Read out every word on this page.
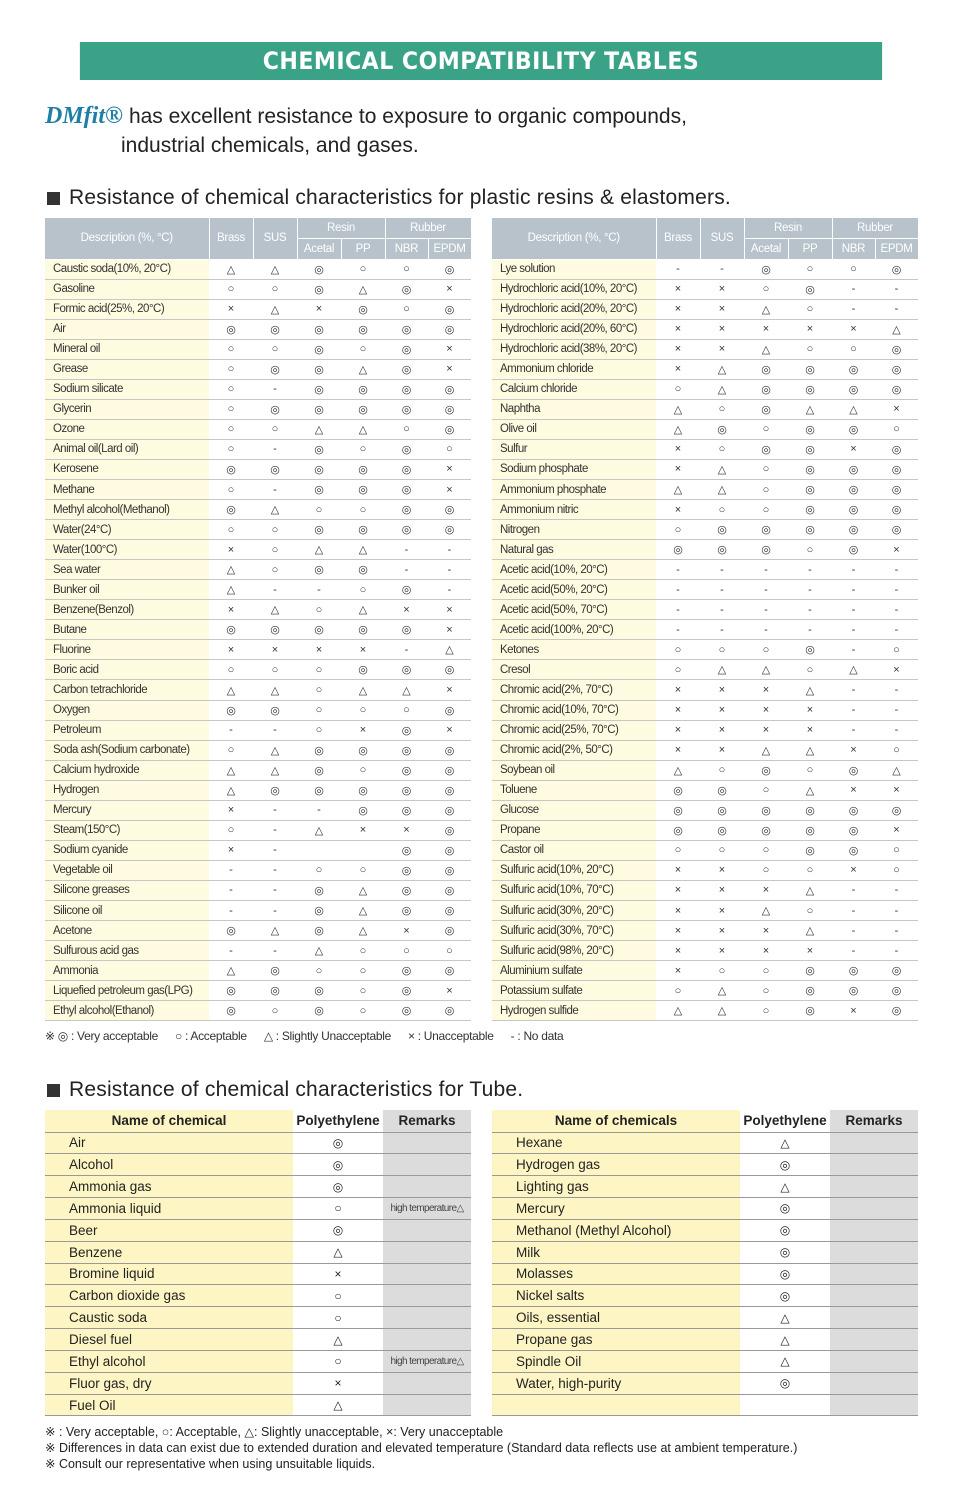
CHEMICAL COMPATIBILITY TABLES
DMfit® has excellent resistance to exposure to organic compounds,
industrial chemicals, and gases.
Resistance of chemical characteristics for plastic resins & elastomers.
Description (%, °C)	Brass	SUS	Resin		Rubber	
			Acetal	PP	NBR	EPDM
Caustic soda(10%, 20°C)	△	△	◎	○	○	◎
Gasoline	○	○	◎	△	◎	×
Formic acid(25%, 20°C)	×	△	×	◎	○	◎
Air	◎	◎	◎	◎	◎	◎
Mineral oil	○	○	◎	○	◎	×
Grease	○	◎	◎	△	◎	×
Sodium silicate	○	-	◎	◎	◎	◎
Glycerin	○	◎	◎	◎	◎	◎
Ozone	○	○	△	△	○	◎
Animal oil(Lard oil)	○	-	◎	○	◎	○
Kerosene	◎	◎	◎	◎	◎	×
Methane	○	-	◎	◎	◎	×
Methyl alcohol(Methanol)	◎	△	○	○	◎	◎
Water(24°C)	○	○	◎	◎	◎	◎
Water(100°C)	×	○	△	△	-	-
Sea water	△	○	◎	◎	-	-
Bunker oil	△	-	-	○	◎	-
Benzene(Benzol)	×	△	○	△	×	×
Butane	◎	◎	◎	◎	◎	×
Fluorine	×	×	×	×	-	△
Boric acid	○	○	○	◎	◎	◎
Carbon tetrachloride	△	△	○	△	△	×
Oxygen	◎	◎	○	○	○	◎
Petroleum	-	-	○	×	◎	×
Soda ash(Sodium carbonate)	○	△	◎	◎	◎	◎
Calcium hydroxide	△	△	◎	○	◎	◎
Hydrogen	△	◎	◎	◎	◎	◎
Mercury	×	-	-	◎	◎	◎
Steam(150°C)	○	-	△	×	×	◎
Sodium cyanide	×	-			◎	◎
Vegetable oil	-	-	○	○	◎	◎
Silicone greases	-	-	◎	△	◎	◎
Silicone oil	-	-	◎	△	◎	◎
Acetone	◎	△	◎	△	×	◎
Sulfurous acid gas	-	-	△	○	○	○
Ammonia	△	◎	○	○	◎	◎
Liquefied petroleum gas(LPG)	◎	◎	◎	○	◎	×
Ethyl alcohol(Ethanol)	◎	○	◎	○	◎	◎
Description (%, °C)	Brass	SUS	Resin		Rubber	
			Acetal	PP	NBR	EPDM
Lye solution	-	-	◎	○	○	◎
Hydrochloric acid(10%, 20°C)	×	×	○	◎	-	-
Hydrochloric acid(20%, 20°C)	×	×	△	○	-	-
Hydrochloric acid(20%, 60°C)	×	×	×	×	×	△
Hydrochloric acid(38%, 20°C)	×	×	△	○	○	◎
Ammonium chloride	×	△	◎	◎	◎	◎
Calcium chloride	○	△	◎	◎	◎	◎
Naphtha	△	○	◎	△	△	×
Olive oil	△	◎	○	◎	◎	○
Sulfur	×	○	◎	◎	×	◎
Sodium phosphate	×	△	○	◎	◎	◎
Ammonium phosphate	△	△	○	◎	◎	◎
Ammonium nitric	×	○	○	◎	◎	◎
Nitrogen	○	◎	◎	◎	◎	◎
Natural gas	◎	◎	◎	○	◎	×
Acetic acid(10%, 20°C)	-	-	-	-	-	-
Acetic acid(50%, 20°C)	-	-	-	-	-	-
Acetic acid(50%, 70°C)	-	-	-	-	-	-
Acetic acid(100%, 20°C)	-	-	-	-	-	-
Ketones	○	○	○	◎	-	○
Cresol	○	△	△	○	△	×
Chromic acid(2%, 70°C)	×	×	×	△	-	-
Chromic acid(10%, 70°C)	×	×	×	×	-	-
Chromic acid(25%, 70°C)	×	×	×	×	-	-
Chromic acid(2%, 50°C)	×	×	△	△	×	○
Soybean oil	△	○	◎	○	◎	△
Toluene	◎	◎	○	△	×	×
Glucose	◎	◎	◎	◎	◎	◎
Propane	◎	◎	◎	◎	◎	×
Castor oil	○	○	○	◎	◎	○
Sulfuric acid(10%, 20°C)	×	×	○	○	×	○
Sulfuric acid(10%, 70°C)	×	×	×	△	-	-
Sulfuric acid(30%, 20°C)	×	×	△	○	-	-
Sulfuric acid(30%, 70°C)	×	×	×	△	-	-
Sulfuric acid(98%, 20°C)	×	×	×	×	-	-
Aluminium sulfate	×	○	○	◎	◎	◎
Potassium sulfate	○	△	○	◎	◎	◎
Hydrogen sulfide	△	△	○	◎	×	◎
※ ◎ : Very acceptable ○ : Acceptable △ : Slightly Unacceptable × : Unacceptable - : No data
Resistance of chemical characteristics for Tube.
Name of chemical	Polyethylene	Remarks
Air	◎	
Alcohol	◎	
Ammonia gas	◎	
Ammonia liquid	○	high temperature△
Beer	◎	
Benzene	△	
Bromine liquid	×	
Carbon dioxide gas	○	
Caustic soda	○	
Diesel fuel	△	
Ethyl alcohol	○	high temperature△
Fluor gas, dry	×	
Fuel Oil	△	
Name of chemicals	Polyethylene	Remarks
Hexane	△	
Hydrogen gas	◎	
Lighting gas	△	
Mercury	◎	
Methanol (Methyl Alcohol)	◎	
Milk	◎	
Molasses	◎	
Nickel salts	◎	
Oils, essential	△	
Propane gas	△	
Spindle Oil	△	
Water, high-purity	◎	

※ : Very acceptable, ○: Acceptable, △: Slightly unacceptable, ×: Very unacceptable
※ Differences in data can exist due to extended duration and elevated temperature (Standard data reflects use at ambient temperature.)
※ Consult our representative when using unsuitable liquids.
